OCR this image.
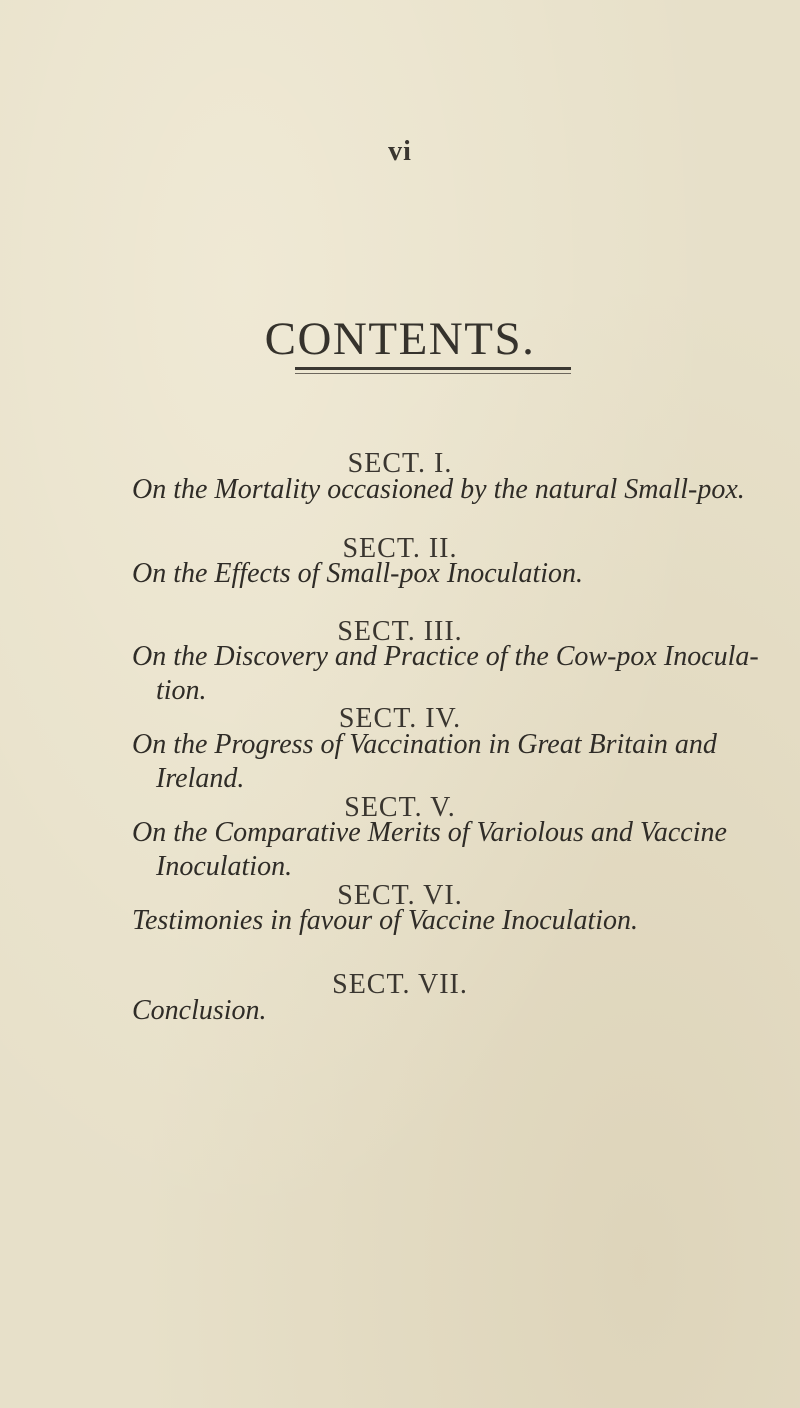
vi
CONTENTS.
SECT. I.
On the Mortality occasioned by the natural Small-pox.
SECT. II.
On the Effects of Small-pox Inoculation.
SECT. III.
On the Discovery and Practice of the Cow-pox Inocula-
tion.
SECT. IV.
On the Progress of Vaccination in Great Britain and
Ireland.
SECT. V.
On the Comparative Merits of Variolous and Vaccine
Inoculation.
SECT. VI.
Testimonies in favour of Vaccine Inoculation.
SECT. VII.
Conclusion.
